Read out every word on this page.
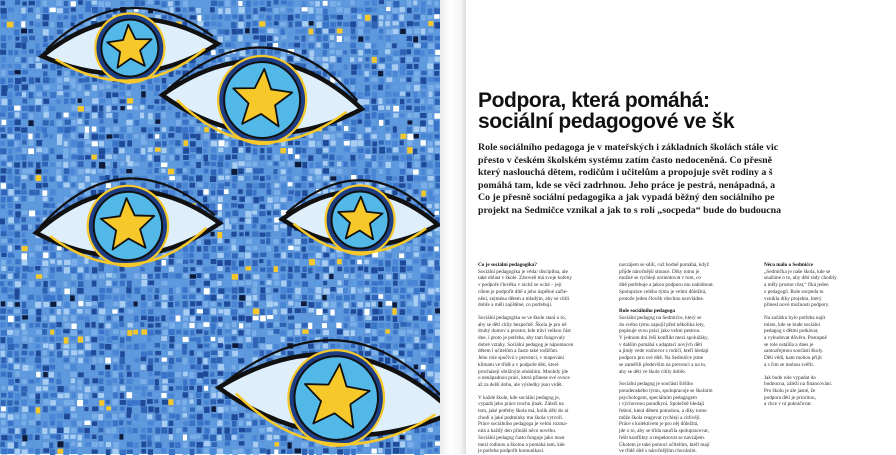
Podpora, která pomáhá:
sociální pedagogové ve šk
Role sociálního pedagoga je v mateřských i základních školách stále vic
přesto v českém školském systému zatím často nedoceněná. Co přesně
který naslouchá dětem, rodičům i učitelům a propojuje svět rodiny a š
pomáhá tam, kde se věci zadrhnou. Jeho práce je pestrá, nenápadná, a
Co je přesně sociální pedagogika a jak vypadá běžný den sociálního pe
projekt na Sedmičce vznikal a jak to s rolí „socpeda“ bude do budoucna

Co je sociální pedagogika?

Sociální pedagogika je věda/ disciplína, ale

také oblast v škole. Zároveň má svoje kořeny

v podpoře člověka v nichž se ocitá – její

cílem je podpořit dítě a jeho úspěšné začle-

nění, zejména dětem a mladým, aby se cítili

dobře a měli zajištěné, co potřebují.

Sociální pedagogika se ve škole stará o to,

aby se děti cítily bezpečně. Škola je pro ně

druhý domov a prostor, kde tráví velkou část

dne, i proto je potřeba, aby tam fungovaly

dobré vztahy. Sociální pedagog je nápomocen

dětem i učitelům a často také rodičům.

Jeho role spočívá v prevenci, v mapování

klimatu ve třídě a v podpoře dětí, které

procházejí obtížným obdobím. Mnohdy jde

o nenápadnou práci, která přinese své ovoce

až za delší dobu, ale výsledky jsou vidět.

V každé škole, kde sociální pedagog je,

vypadá jeho práce trochu jinak. Záleží na

tom, jaké potřeby škola má, kolik dětí do ní

chodí a jaké podmínky mu škola vytvoří.

Práce sociálního pedagoga je velmi rozma-

nitá a každý den přináší něco nového.

Sociální pedagog často funguje jako most

mezi rodinou a školou a pomáhá tam, kde

je potřeba podpořit komunikaci.

navzájem se sdílí, což hodně pomáhá, když

přijde náročnější situace. Díky tomu je

možné se rychleji zorientovat v tom, co

dítě potřebuje a jakou podporu mu nabídnout.

Spolupráce celého týmu je velmi důležitá,

protože jeden člověk všechno nezvládne.

Role sociálního pedagoga

Sociální pedagog na Sedmičce, který se

do svého týmu zapojil před několika lety,

popisuje svou práci jako velmi pestrou.

V jednom dni řeší konflikt mezi spolužáky,

v dalším pomáhá s adaptací nových dětí

a jindy vede rozhovor s rodiči, kteří hledají

podporu pro své dítě. Na Sedmičce jsme

se zaměřili především na prevenci a na to,

aby se děti ve škole cítily dobře.

Sociální pedagog je součástí širšího

poradenského týmu, spolupracuje se školním

psychologem, speciálním pedagogem

i výchovnou poradkyní. Společně hledají

řešení, která dětem pomohou, a díky tomu

může škola reagovat rychleji a citlivěji.

Práce s kolektivem je pro něj důležitá,

jde o to, aby se třída naučila spolupracovat,

řešit konflikty a respektovat se navzájem.

Úkolem je také pomoci učitelům, kteří mají

ve třídě dítě s náročnějším chováním.

Něco málo o Sedmičce

„Sedmička je naše škola, kde se

snažíme o to, aby děti rády chodily

a měly prostor růst,“ říká jeden

z pedagogů. Role socpeda tu

vznikla díky projektu, který

přinesl nové možnosti podpory.

Na začátku bylo potřeba najít

místo, kde se bude sociální

pedagog s dětmi potkávat,

a vybudovat důvěru. Postupně

se role ustálila a dnes je

samozřejmou součástí školy.

Děti vědí, kam mohou přijít

a s čím se mohou svěřit.

Jak bude role vypadat do

budoucna, záleží na financování.

Pro školu je ale jasné, že

podpora dětí je prioritou,

a chce v ní pokračovat.
